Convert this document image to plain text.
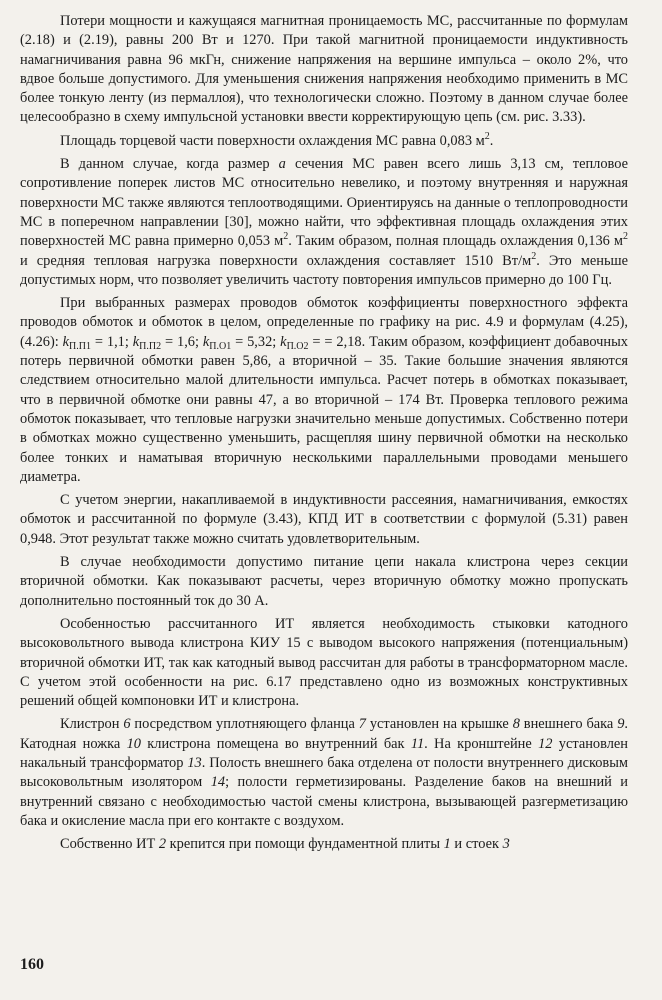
Потери мощности и кажущаяся магнитная проницаемость МС, рассчитанные по формулам (2.18) и (2.19), равны 200 Вт и 1270. При такой магнитной проницаемости индуктивность намагничивания равна 96 мкГн, снижение напряжения на вершине импульса – около 2%, что вдвое больше допустимого. Для уменьшения снижения напряжения необходимо применить в МС более тонкую ленту (из пермаллоя), что технологически сложно. Поэтому в данном случае более целесообразно в схему импульсной установки ввести корректирующую цепь (см. рис. 3.33).

Площадь торцевой части поверхности охлаждения МС равна 0,083 $м^2$.

В данном случае, когда размер a сечения МС равен всего лишь 3,13 см, тепловое сопротивление поперек листов МС относительно невелико, и поэтому внутренняя и наружная поверхности МС также являются теплоотводящими. Ориентируясь на данные о теплопроводности МС в поперечном направлении [30], можно найти, что эффективная площадь охлаждения этих поверхностей МС равна примерно 0,053 $м^2$. Таким образом, полная площадь охлаждения 0,136 $м^2$ и средняя тепловая нагрузка поверхности охлаждения составляет 1510 $Вт/м^2$. Это меньше допустимых норм, что позволяет увеличить частоту повторения импульсов примерно до 100 Гц.

При выбранных размерах проводов обмоток коэффициенты поверхностного эффекта проводов обмоток и обмоток в целом, определенные по графику на рис. 4.9 и формулам (4.25), (4.26): $k_{П.П1} = 1,1$; $k_{П.П2} = 1,6$; $k_{П.О1} = 5,32$; $k_{П.О2}$ = = 2,18. Таким образом, коэффициент добавочных потерь первичной обмотки равен 5,86, а вторичной – 35. Такие большие значения являются следствием относительно малой длительности импульса. Расчет потерь в обмотках показывает, что в первичной обмотке они равны 47, а во вторичной – 174 Вт. Проверка теплового режима обмоток показывает, что тепловые нагрузки значительно меньше допустимых. Собственно потери в обмотках можно существенно уменьшить, расщепляя шину первичной обмотки на несколько более тонких и наматывая вторичную несколькими параллельными проводами меньшего диаметра.

С учетом энергии, накапливаемой в индуктивности рассеяния, намагничивания, емкостях обмоток и рассчитанной по формуле (3.43), КПД ИТ в соответствии с формулой (5.31) равен 0,948. Этот результат также можно считать удовлетворительным.

В случае необходимости допустимо питание цепи накала клистрона через секции вторичной обмотки. Как показывают расчеты, через вторичную обмотку можно пропускать дополнительно постоянный ток до 30 А.

Особенностью рассчитанного ИТ является необходимость стыковки катодного высоковольтного вывода клистрона КИУ 15 с выводом высокого напряжения (потенциальным) вторичной обмотки ИТ, так как катодный вывод рассчитан для работы в трансформаторном масле. С учетом этой особенности на рис. 6.17 представлено одно из возможных конструктивных решений общей компоновки ИТ и клистрона.

Клистрон 6 посредством уплотняющего фланца 7 установлен на крышке 8 внешнего бака 9. Катодная ножка 10 клистрона помещена во внутренний бак 11. На кронштейне 12 установлен накальный трансформатор 13. Полость внешнего бака отделена от полости внутреннего дисковым высоковольтным изолятором 14; полости герметизированы. Разделение баков на внешний и внутренний связано с необходимостью частой смены клистрона, вызывающей разгерметизацию бака и окисление масла при его контакте с воздухом.

Собственно ИТ 2 крепится при помощи фундаментной плиты 1 и стоек 3

160
